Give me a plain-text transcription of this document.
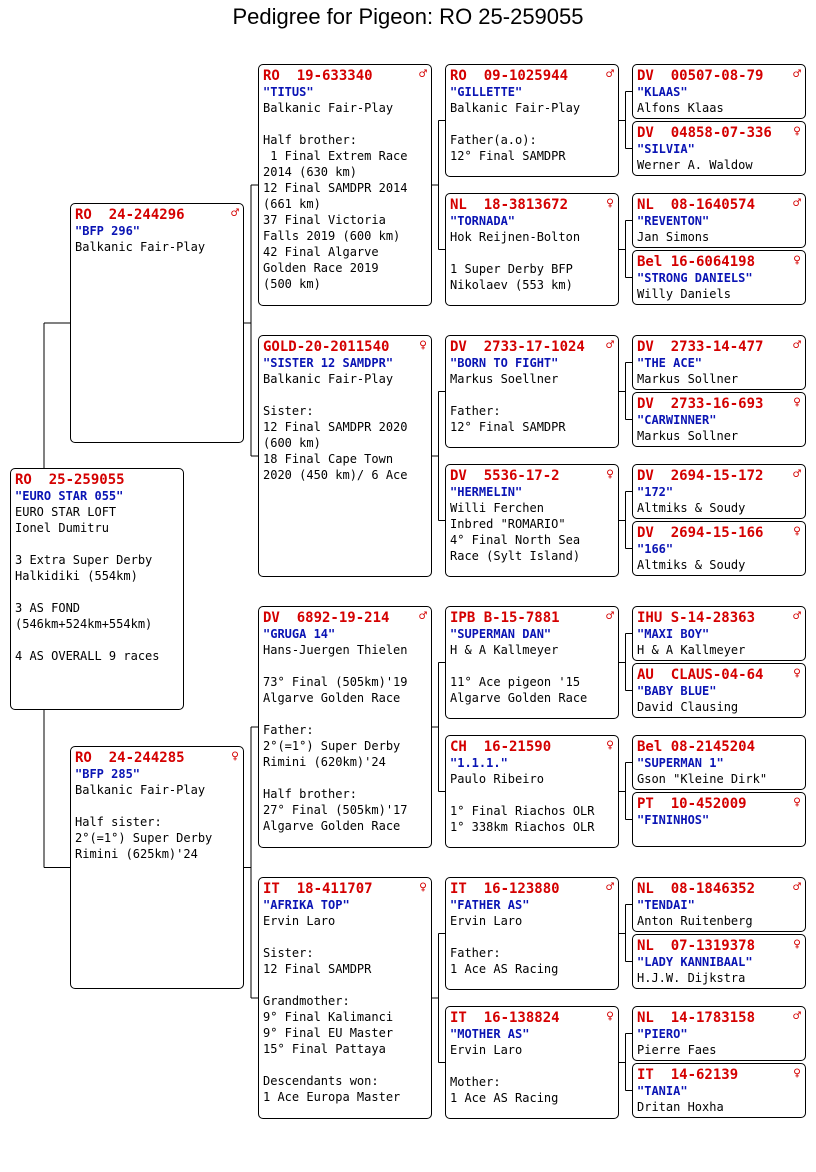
Pedigree for Pigeon: RO 25-259055
RO  25-259055
"EURO STAR 055"
EURO STAR LOFT
Ionel Dumitru
3 Extra Super Derby
Halkidiki (554km)
3 AS FOND
(546km+524km+554km)
4 AS OVERALL 9 races
RO  24-244296	♂
"BFP 296"
Balkanic Fair-Play
RO  24-244285	♀
"BFP 285"
Balkanic Fair-Play
Half sister:
2°(=1°) Super Derby
Rimini (625km)'24
RO  19-633340	♂
"TITUS"
Balkanic Fair-Play
Half brother:
1 Final Extrem Race
2014 (630 km)
12 Final SAMDPR 2014
(661 km)
37 Final Victoria
Falls 2019 (600 km)
42 Final Algarve
Golden Race 2019
(500 km)
GOLD-20-2011540 ♀
"SISTER 12 SAMDPR"
Balkanic Fair-Play
Sister:
12 Final SAMDPR 2020
(600 km)
18 Final Cape Town
2020 (450 km)/ 6 Ace
DV  6892-19-214 ♂
"GRUGA 14"
Hans-Juergen Thielen
73° Final (505km)'19
Algarve Golden Race
Father:
2°(=1°) Super Derby
Rimini (620km)'24
Half brother:
27° Final (505km)'17
Algarve Golden Race
IT  18-411707	♀
"AFRIKA TOP"
Ervin Laro
Sister:
12 Final SAMDPR
Grandmother:
9° Final Kalimanci
9° Final EU Master
15° Final Pattaya
Descendants won:
1 Ace Europa Master
RO  09-1025944	♂
"GILLETTE"
Balkanic Fair-Play
Father(a.o):
12° Final SAMDPR
NL  18-3813672	♀
"TORNADA"
Hok Reijnen-Bolton
1 Super Derby BFP
Nikolaev (553 km)
DV  2733-17-1024 ♂
"BORN TO FIGHT"
Markus Soellner
Father:
12° Final SAMDPR
DV  5536-17-2	♀
"HERMELIN"
Willi Ferchen
Inbred "ROMARIO"
4° Final North Sea
Race (Sylt Island)
IPB B-15-7881	♂
"SUPERMAN DAN"
H & A Kallmeyer
11° Ace pigeon '15
Algarve Golden Race
CH  16-21590	♀
"1.1.1."
Paulo Ribeiro
1° Final Riachos OLR
1° 338km Riachos OLR
IT  16-123880	♂
"FATHER AS"
Ervin Laro
Father:
1 Ace AS Racing
IT  16-138824	♀
"MOTHER AS"
Ervin Laro
Mother:
1 Ace AS Racing
DV  00507-08-79 ♂
"KLAAS"
Alfons Klaas
DV  04858-07-336 ♀
"SILVIA"
Werner A. Waldow
NL  08-1640574	♂
"REVENTON"
Jan Simons
Bel 16-6064198	♀
"STRONG DANIELS"
Willy Daniels
DV  2733-14-477 ♂
"THE ACE"
Markus Sollner
DV  2733-16-693 ♀
"CARWINNER"
Markus Sollner
DV  2694-15-172 ♂
"172"
Altmiks & Soudy
DV  2694-15-166 ♀
"166"
Altmiks & Soudy
IHU S-14-28363	♂
"MAXI BOY"
H & A Kallmeyer
AU  CLAUS-04-64 ♀
"BABY BLUE"
David Clausing
Bel 08-2145204
"SUPERMAN 1"
Gson "Kleine Dirk"
PT  10-452009	♀
"FININHOS"
NL  08-1846352	♂
"TENDAI"
Anton Ruitenberg
NL  07-1319378	♀
"LADY KANNIBAAL"
H.J.W. Dijkstra
NL  14-1783158	♂
"PIERO"
Pierre Faes
IT  14-62139	♀
"TANIA"
Dritan Hoxha
